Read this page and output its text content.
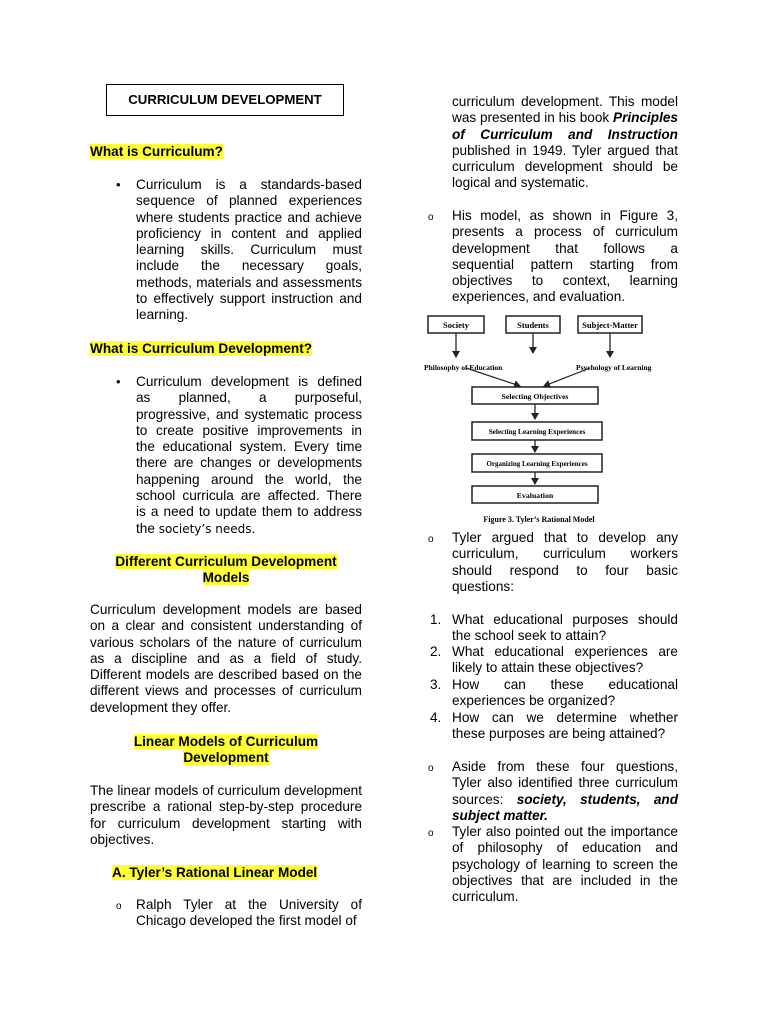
CURRICULUM DEVELOPMENT
What is Curriculum?
• Curriculum is a standards-based sequence of planned experiences where students practice and achieve proficiency in content and applied learning skills. Curriculum must include the necessary goals, methods, materials and assessments to effectively support instruction and learning.
What is Curriculum Development?
• Curriculum development is defined as planned, a purposeful, progressive, and systematic process to create positive improvements in the educational system. Every time there are changes or developments happening around the world, the school curricula are affected. There is a need to update them to address the society’s needs.
Different Curriculum Development
Models
Curriculum development models are based on a clear and consistent understanding of various scholars of the nature of curriculum as a discipline and as a field of study. Different models are described based on the different views and processes of curriculum development they offer.
Linear Models of Curriculum
Development
The linear models of curriculum development prescribe a rational step-by-step procedure for curriculum development starting with objectives.
A. Tyler’s Rational Linear Model
o Ralph Tyler at the University of Chicago developed the first model of
curriculum development. This model was presented in his book Principles of Curriculum and Instruction published in 1949. Tyler argued that curriculum development should be logical and systematic.
o His model, as shown in Figure 3, presents a process of curriculum development that follows a sequential pattern starting from objectives to context, learning experiences, and evaluation.
Society	Students	Subject-Matter
Philosophy of Education	Psychology of Learning
Selecting Objectives
Selecting Learning Experiences
Organizing Learning Experiences
Evaluation
Figure 3. Tyler’s Rational Model
o Tyler argued that to develop any curriculum, curriculum workers should respond to four basic questions:
1. What educational purposes should the school seek to attain?
2. What educational experiences are likely to attain these objectives?
3. How can these educational experiences be organized?
4. How can we determine whether these purposes are being attained?
o Aside from these four questions, Tyler also identified three curriculum sources: society, students, and subject matter.
o Tyler also pointed out the importance of philosophy of education and psychology of learning to screen the objectives that are included in the curriculum.
